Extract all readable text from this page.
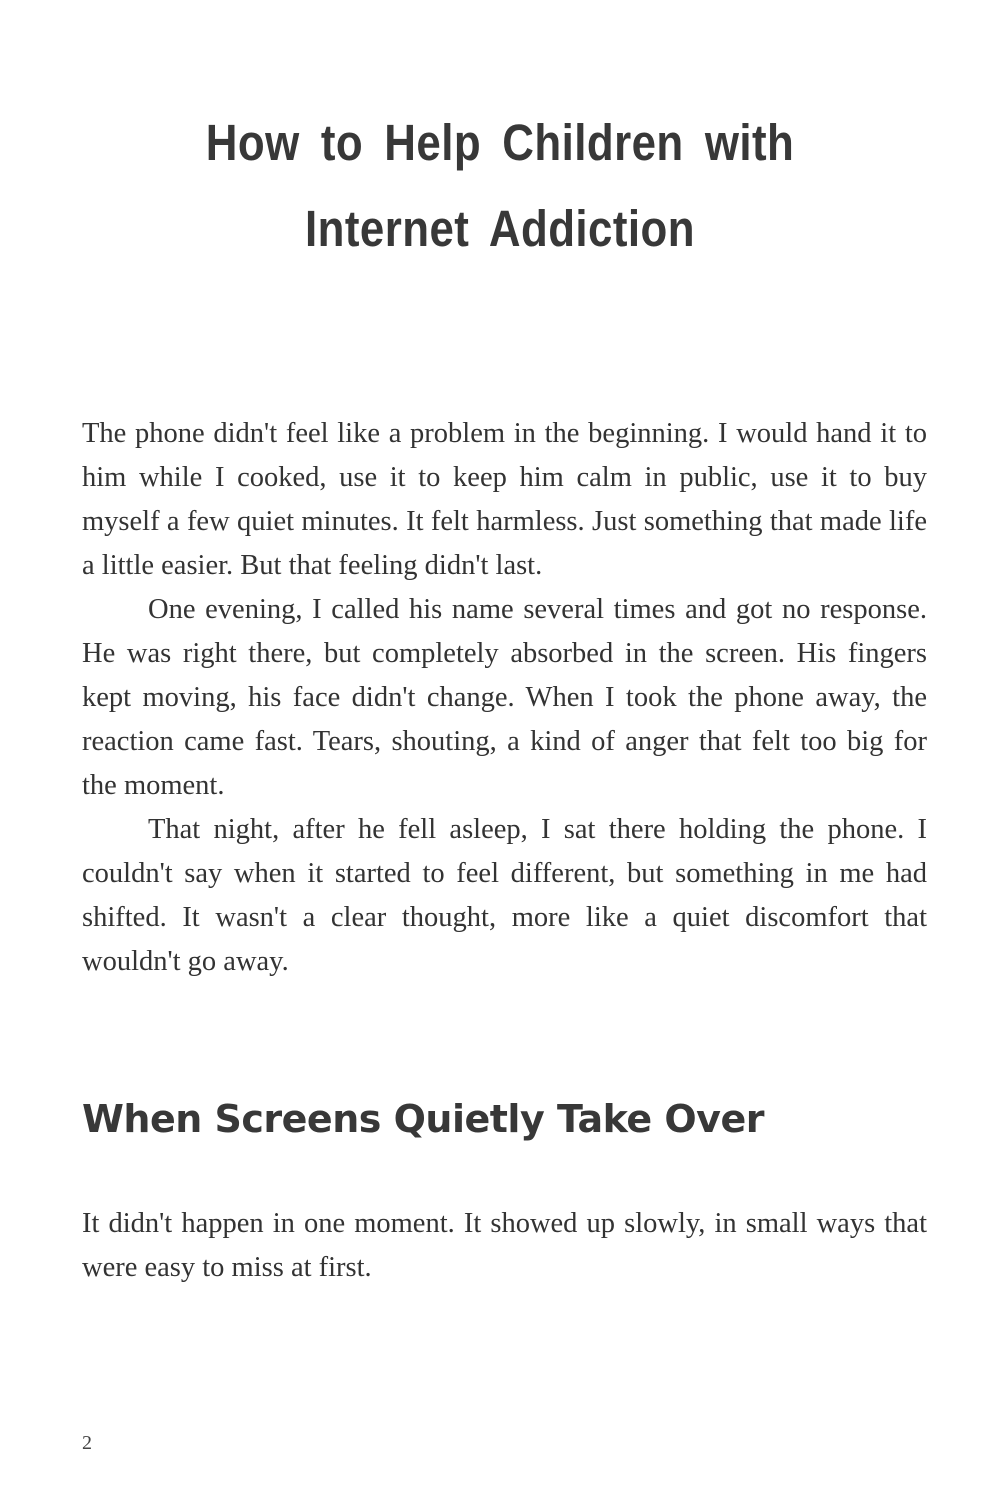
How to Help Children with
Internet Addiction

The phone didn't feel like a problem in the beginning. I would hand it to him while I cooked, use it to keep him calm in public, use it to buy myself a few quiet minutes. It felt harmless. Just something that made life a little easier. But that feeling didn't last.

One evening, I called his name several times and got no response. He was right there, but completely absorbed in the screen. His fingers kept moving, his face didn't change. When I took the phone away, the reaction came fast. Tears, shouting, a kind of anger that felt too big for the moment.

That night, after he fell asleep, I sat there holding the phone. I couldn't say when it started to feel different, but something in me had shifted. It wasn't a clear thought, more like a quiet discomfort that wouldn't go away.

When Screens Quietly Take Over

It didn't happen in one moment. It showed up slowly, in small ways that were easy to miss at first.

2
